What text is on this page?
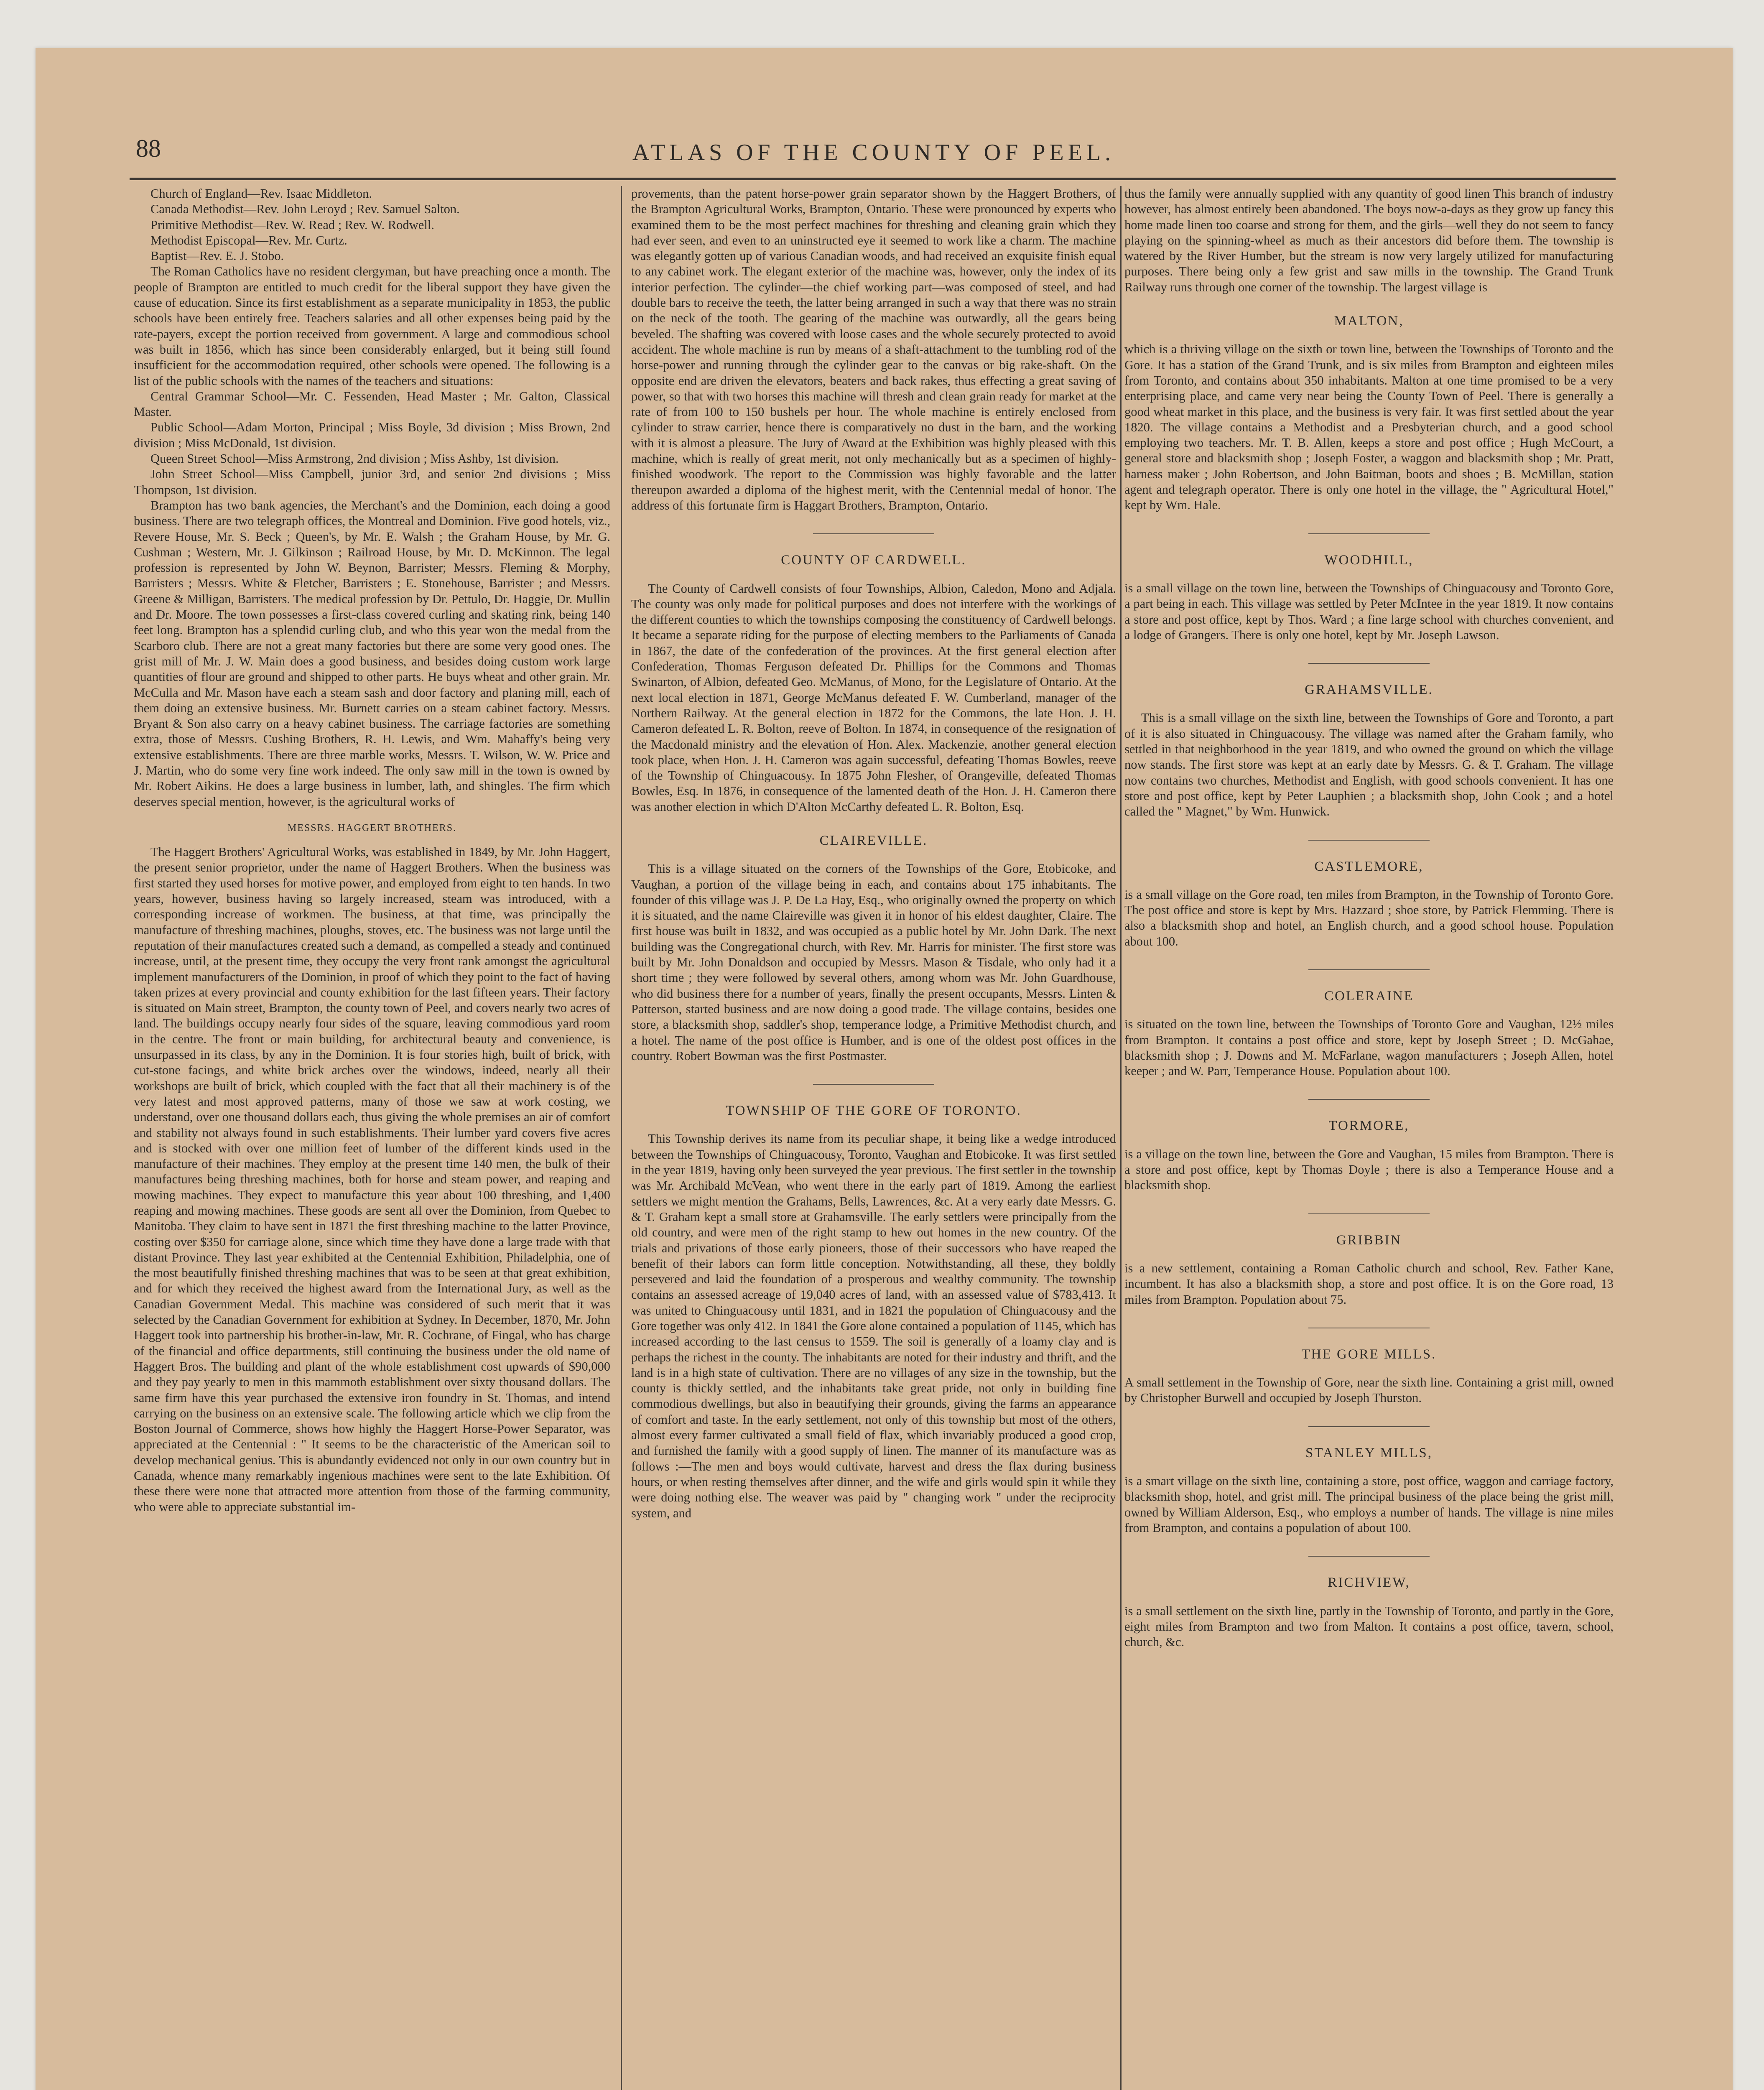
88	ATLAS OF THE COUNTY OF PEEL.
Church of England—Rev. Isaac Middleton.
Canada Methodist—Rev. John Leroyd ; Rev. Samuel Salton.
Primitive Methodist—Rev. W. Read ; Rev. W. Rodwell.
Methodist Episcopal—Rev. Mr. Curtz.
Baptist—Rev. E. J. Stobo.

The Roman Catholics have no resident clergyman, but have preaching once a month. The people of Brampton are entitled to much credit for the liberal support they have given the cause of education. Since its first establishment as a separate municipality in 1853, the public schools have been entirely free. Teachers salaries and all other expenses being paid by the rate-payers, except the portion received from government. A large and commodious school was built in 1856, which has since been considerably enlarged, but it being still found insufficient for the accommodation required, other schools were opened. The following is a list of the public schools with the names of the teachers and situations:

Central Grammar School—Mr. C. Fessenden, Head Master ; Mr. Galton, Classical Master.

Public School—Adam Morton, Principal ; Miss Boyle, 3d division ; Miss Brown, 2nd division ; Miss McDonald, 1st division.

Queen Street School—Miss Armstrong, 2nd division ; Miss Ashby, 1st division.

John Street School—Miss Campbell, junior 3rd, and senior 2nd divisions ; Miss Thompson, 1st division.

Brampton has two bank agencies, the Merchant's and the Dominion, each doing a good business. There are two telegraph offices, the Montreal and Dominion. Five good hotels, viz., Revere House, Mr. S. Beck ; Queen's, by Mr. E. Walsh ; the Graham House, by Mr. G. Cushman ; Western, Mr. J. Gilkinson ; Railroad House, by Mr. D. McKinnon. The legal profession is represented by John W. Beynon, Barrister; Messrs. Fleming & Morphy, Barristers ; Messrs. White & Fletcher, Barristers ; E. Stonehouse, Barrister ; and Messrs. Greene & Milligan, Barristers. The medical profession by Dr. Pettulo, Dr. Haggie, Dr. Mullin and Dr. Moore. The town possesses a first-class covered curling and skating rink, being 140 feet long. Brampton has a splendid curling club, and who this year won the medal from the Scarboro club. There are not a great many factories but there are some very good ones. The grist mill of Mr. J. W. Main does a good business, and besides doing custom work large quantities of flour are ground and shipped to other parts. He buys wheat and other grain. Mr. McCulla and Mr. Mason have each a steam sash and door factory and planing mill, each of them doing an extensive business. Mr. Burnett carries on a steam cabinet factory. Messrs. Bryant & Son also carry on a heavy cabinet business. The carriage factories are something extra, those of Messrs. Cushing Brothers, R. H. Lewis, and Wm. Mahaffy's being very extensive establishments. There are three marble works, Messrs. T. Wilson, W. W. Price and J. Martin, who do some very fine work indeed. The only saw mill in the town is owned by Mr. Robert Aikins. He does a large business in lumber, lath, and shingles. The firm which deserves special mention, however, is the agricultural works of

MESSRS. HAGGERT BROTHERS.

The Haggert Brothers' Agricultural Works, was established in 1849, by Mr. John Haggert, the present senior proprietor, under the name of Haggert Brothers. When the business was first started they used horses for motive power, and employed from eight to ten hands. In two years, however, business having so largely increased, steam was introduced, with a corresponding increase of workmen. The business, at that time, was principally the manufacture of threshing machines, ploughs, stoves, etc. The business was not large until the reputation of their manufactures created such a demand, as compelled a steady and continued increase, until, at the present time, they occupy the very front rank amongst the agricultural implement manufacturers of the Dominion, in proof of which they point to the fact of having taken prizes at every provincial and county exhibition for the last fifteen years. Their factory is situated on Main street, Brampton, the county town of Peel, and covers nearly two acres of land. The buildings occupy nearly four sides of the square, leaving commodious yard room in the centre. The front or main building, for architectural beauty and convenience, is unsurpassed in its class, by any in the Dominion. It is four stories high, built of brick, with cut-stone facings, and white brick arches over the windows, indeed, nearly all their workshops are built of brick, which coupled with the fact that all their machinery is of the very latest and most approved patterns, many of those we saw at work costing, we understand, over one thousand dollars each, thus giving the whole premises an air of comfort and stability not always found in such establishments. Their lumber yard covers five acres and is stocked with over one million feet of lumber of the different kinds used in the manufacture of their machines. They employ at the present time 140 men, the bulk of their manufactures being threshing machines, both for horse and steam power, and reaping and mowing machines. They expect to manufacture this year about 100 threshing, and 1,400 reaping and mowing machines. These goods are sent all over the Dominion, from Quebec to Manitoba. They claim to have sent in 1871 the first threshing machine to the latter Province, costing over $350 for carriage alone, since which time they have done a large trade with that distant Province. They last year exhibited at the Centennial Exhibition, Philadelphia, one of the most beautifully finished threshing machines that was to be seen at that great exhibition, and for which they received the highest award from the International Jury, as well as the Canadian Government Medal. This machine was considered of such merit that it was selected by the Canadian Government for exhibition at Sydney. In December, 1870, Mr. John Haggert took into partnership his brother-in-law, Mr. R. Cochrane, of Fingal, who has charge of the financial and office departments, still continuing the business under the old name of Haggert Bros. The building and plant of the whole establishment cost upwards of $90,000 and they pay yearly to men in this mammoth establishment over sixty thousand dollars. The same firm have this year purchased the extensive iron foundry in St. Thomas, and intend carrying on the business on an extensive scale. The following article which we clip from the Boston Journal of Commerce, shows how highly the Haggert Horse-Power Separator, was appreciated at the Centennial : " It seems to be the characteristic of the American soil to develop mechanical genius. This is abundantly evidenced not only in our own country but in Canada, whence many remarkably ingenious machines were sent to the late Exhibition. Of these there were none that attracted more attention from those of the farming community, who were able to appreciate substantial im-

provements, than the patent horse-power grain separator shown by the Haggert Brothers, of the Brampton Agricultural Works, Brampton, Ontario. These were pronounced by experts who examined them to be the most perfect machines for threshing and cleaning grain which they had ever seen, and even to an uninstructed eye it seemed to work like a charm. The machine was elegantly gotten up of various Canadian woods, and had received an exquisite finish equal to any cabinet work. The elegant exterior of the machine was, however, only the index of its interior perfection. The cylinder—the chief working part—was composed of steel, and had double bars to receive the teeth, the latter being arranged in such a way that there was no strain on the neck of the tooth. The gearing of the machine was outwardly, all the gears being beveled. The shafting was covered with loose cases and the whole securely protected to avoid accident. The whole machine is run by means of a shaft-attachment to the tumbling rod of the horse-power and running through the cylinder gear to the canvas or big rake-shaft. On the opposite end are driven the elevators, beaters and back rakes, thus effecting a great saving of power, so that with two horses this machine will thresh and clean grain ready for market at the rate of from 100 to 150 bushels per hour. The whole machine is entirely enclosed from cylinder to straw carrier, hence there is comparatively no dust in the barn, and the working with it is almost a pleasure. The Jury of Award at the Exhibition was highly pleased with this machine, which is really of great merit, not only mechanically but as a specimen of highly-finished woodwork. The report to the Commission was highly favorable and the latter thereupon awarded a diploma of the highest merit, with the Centennial medal of honor. The address of this fortunate firm is Haggart Brothers, Brampton, Ontario.

COUNTY OF CARDWELL.

The County of Cardwell consists of four Townships, Albion, Caledon, Mono and Adjala. The county was only made for political purposes and does not interfere with the workings of the different counties to which the townships composing the constituency of Cardwell belongs. It became a separate riding for the purpose of electing members to the Parliaments of Canada in 1867, the date of the confederation of the provinces. At the first general election after Confederation, Thomas Ferguson defeated Dr. Phillips for the Commons and Thomas Swinarton, of Albion, defeated Geo. McManus, of Mono, for the Legislature of Ontario. At the next local election in 1871, George McManus defeated F. W. Cumberland, manager of the Northern Railway. At the general election in 1872 for the Commons, the late Hon. J. H. Cameron defeated L. R. Bolton, reeve of Bolton. In 1874, in consequence of the resignation of the Macdonald ministry and the elevation of Hon. Alex. Mackenzie, another general election took place, when Hon. J. H. Cameron was again successful, defeating Thomas Bowles, reeve of the Township of Chinguacousy. In 1875 John Flesher, of Orangeville, defeated Thomas Bowles, Esq. In 1876, in consequence of the lamented death of the Hon. J. H. Cameron there was another election in which D'Alton McCarthy defeated L. R. Bolton, Esq.

CLAIREVILLE.

This is a village situated on the corners of the Townships of the Gore, Etobicoke, and Vaughan, a portion of the village being in each, and contains about 175 inhabitants. The founder of this village was J. P. De La Hay, Esq., who originally owned the property on which it is situated, and the name Claireville was given it in honor of his eldest daughter, Claire. The first house was built in 1832, and was occupied as a public hotel by Mr. John Dark. The next building was the Congregational church, with Rev. Mr. Harris for minister. The first store was built by Mr. John Donaldson and occupied by Messrs. Mason & Tisdale, who only had it a short time ; they were followed by several others, among whom was Mr. John Guardhouse, who did business there for a number of years, finally the present occupants, Messrs. Linten & Patterson, started business and are now doing a good trade. The village contains, besides one store, a blacksmith shop, saddler's shop, temperance lodge, a Primitive Methodist church, and a hotel. The name of the post office is Humber, and is one of the oldest post offices in the country. Robert Bowman was the first Postmaster.

TOWNSHIP OF THE GORE OF TORONTO.

This Township derives its name from its peculiar shape, it being like a wedge introduced between the Townships of Chinguacousy, Toronto, Vaughan and Etobicoke. It was first settled in the year 1819, having only been surveyed the year previous. The first settler in the township was Mr. Archibald McVean, who went there in the early part of 1819. Among the earliest settlers we might mention the Grahams, Bells, Lawrences, &c. At a very early date Messrs. G. & T. Graham kept a small store at Grahamsville. The early settlers were principally from the old country, and were men of the right stamp to hew out homes in the new country. Of the trials and privations of those early pioneers, those of their successors who have reaped the benefit of their labors can form little conception. Notwithstanding, all these, they boldly persevered and laid the foundation of a prosperous and wealthy community. The township contains an assessed acreage of 19,040 acres of land, with an assessed value of $783,413. It was united to Chinguacousy until 1831, and in 1821 the population of Chinguacousy and the Gore together was only 412. In 1841 the Gore alone contained a population of 1145, which has increased according to the last census to 1559. The soil is generally of a loamy clay and is perhaps the richest in the county. The inhabitants are noted for their industry and thrift, and the land is in a high state of cultivation. There are no villages of any size in the township, but the county is thickly settled, and the inhabitants take great pride, not only in building fine commodious dwellings, but also in beautifying their grounds, giving the farms an appearance of comfort and taste. In the early settlement, not only of this township but most of the others, almost every farmer cultivated a small field of flax, which invariably produced a good crop, and furnished the family with a good supply of linen. The manner of its manufacture was as follows :—The men and boys would cultivate, harvest and dress the flax during business hours, or when resting themselves after dinner, and the wife and girls would spin it while they were doing nothing else. The weaver was paid by " changing work " under the reciprocity system, and

thus the family were annually supplied with any quantity of good linen This branch of industry however, has almost entirely been abandoned. The boys now-a-days as they grow up fancy this home made linen too coarse and strong for them, and the girls—well they do not seem to fancy playing on the spinning-wheel as much as their ancestors did before them. The township is watered by the River Humber, but the stream is now very largely utilized for manufacturing purposes. There being only a few grist and saw mills in the township. The Grand Trunk Railway runs through one corner of the township. The largest village is

MALTON,

which is a thriving village on the sixth or town line, between the Townships of Toronto and the Gore. It has a station of the Grand Trunk, and is six miles from Brampton and eighteen miles from Toronto, and contains about 350 inhabitants. Malton at one time promised to be a very enterprising place, and came very near being the County Town of Peel. There is generally a good wheat market in this place, and the business is very fair. It was first settled about the year 1820. The village contains a Methodist and a Presbyterian church, and a good school employing two teachers. Mr. T. B. Allen, keeps a store and post office ; Hugh McCourt, a general store and blacksmith shop ; Joseph Foster, a waggon and blacksmith shop ; Mr. Pratt, harness maker ; John Robertson, and John Baitman, boots and shoes ; B. McMillan, station agent and telegraph operator. There is only one hotel in the village, the " Agricultural Hotel," kept by Wm. Hale.

WOODHILL,

is a small village on the town line, between the Townships of Chinguacousy and Toronto Gore, a part being in each. This village was settled by Peter McIntee in the year 1819. It now contains a store and post office, kept by Thos. Ward ; a fine large school with churches convenient, and a lodge of Grangers. There is only one hotel, kept by Mr. Joseph Lawson.

GRAHAMSVILLE.

This is a small village on the sixth line, between the Townships of Gore and Toronto, a part of it is also situated in Chinguacousy. The village was named after the Graham family, who settled in that neighborhood in the year 1819, and who owned the ground on which the village now stands. The first store was kept at an early date by Messrs. G. & T. Graham. The village now contains two churches, Methodist and English, with good schools convenient. It has one store and post office, kept by Peter Lauphien ; a blacksmith shop, John Cook ; and a hotel called the " Magnet," by Wm. Hunwick.

CASTLEMORE,

is a small village on the Gore road, ten miles from Brampton, in the Township of Toronto Gore. The post office and store is kept by Mrs. Hazzard ; shoe store, by Patrick Flemming. There is also a blacksmith shop and hotel, an English church, and a good school house. Population about 100.

COLERAINE

is situated on the town line, between the Townships of Toronto Gore and Vaughan, 12½ miles from Brampton. It contains a post office and store, kept by Joseph Street ; D. McGahae, blacksmith shop ; J. Downs and M. McFarlane, wagon manufacturers ; Joseph Allen, hotel keeper ; and W. Parr, Temperance House. Population about 100.

TORMORE,

is a village on the town line, between the Gore and Vaughan, 15 miles from Brampton. There is a store and post office, kept by Thomas Doyle ; there is also a Temperance House and a blacksmith shop.

GRIBBIN

is a new settlement, containing a Roman Catholic church and school, Rev. Father Kane, incumbent. It has also a blacksmith shop, a store and post office. It is on the Gore road, 13 miles from Brampton. Population about 75.

THE GORE MILLS.

A small settlement in the Township of Gore, near the sixth line. Containing a grist mill, owned by Christopher Burwell and occupied by Joseph Thurston.

STANLEY MILLS,

is a smart village on the sixth line, containing a store, post office, waggon and carriage factory, blacksmith shop, hotel, and grist mill. The principal business of the place being the grist mill, owned by William Alderson, Esq., who employs a number of hands. The village is nine miles from Brampton, and contains a population of about 100.

RICHVIEW,

is a small settlement on the sixth line, partly in the Township of Toronto, and partly in the Gore, eight miles from Brampton and two from Malton. It contains a post office, tavern, school, church, &c.
